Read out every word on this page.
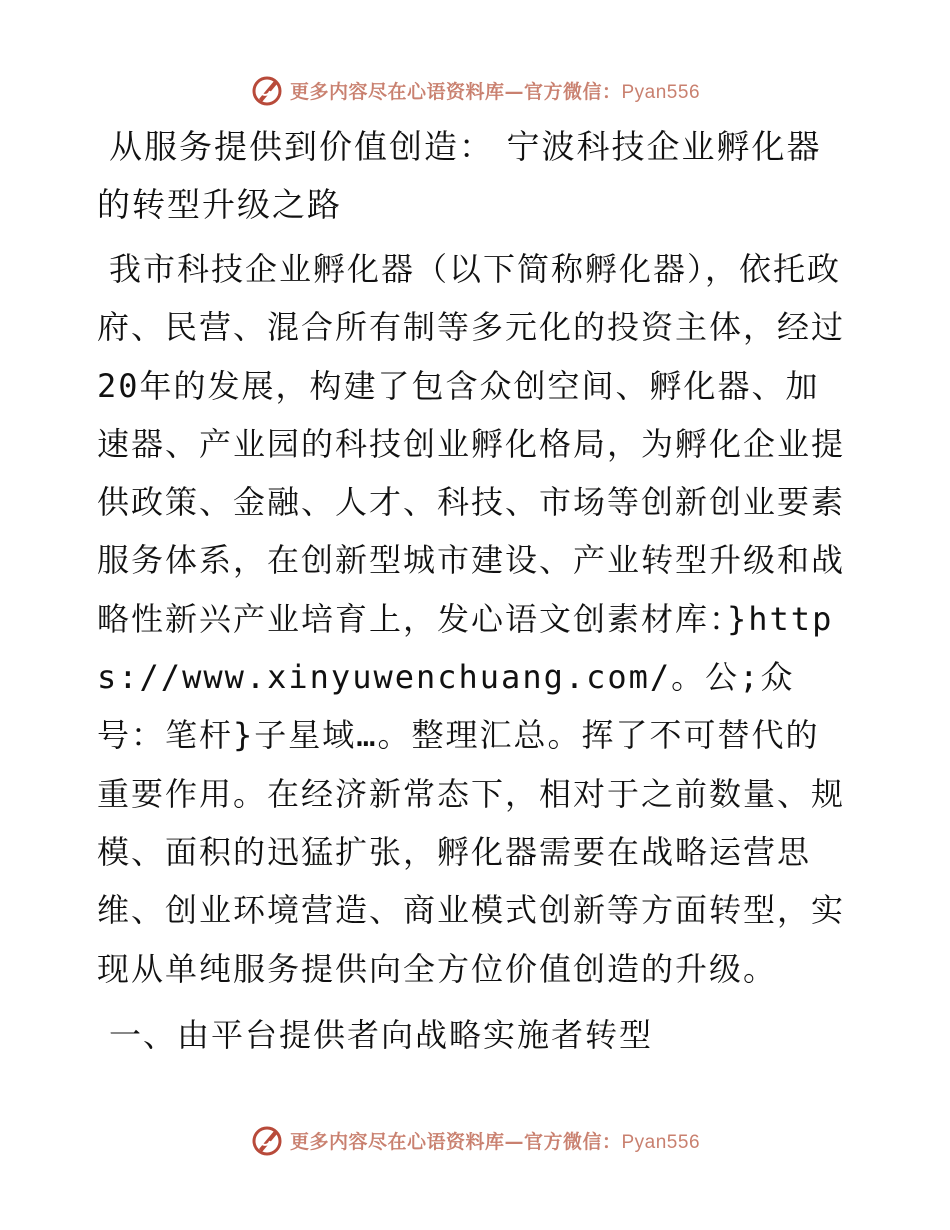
更多内容尽在心语资料库—官方微信：Pyan556
从服务提供到价值创造： 宁波科技企业孵化器的转型升级之路

我市科技企业孵化器（以下简称孵化器），依托政府、民营、混合所有制等多元化的投资主体，经过20年的发展，构建了包含众创空间、孵化器、加速器、产业园的科技创业孵化格局，为孵化企业提供政策、金融、人才、科技、市场等创新创业要素服务体系，在创新型城市建设、产业转型升级和战略性新兴产业培育上，发心语文创素材库：}https://www.xinyuwenchuang.com/。公;众号：笔杆}子星域…。整理汇总。挥了不可替代的重要作用。在经济新常态下，相对于之前数量、规模、面积的迅猛扩张，孵化器需要在战略运营思维、创业环境营造、商业模式创新等方面转型，实现从单纯服务提供向全方位价值创造的升级。

一、由平台提供者向战略实施者转型
更多内容尽在心语资料库—官方微信：Pyan556
